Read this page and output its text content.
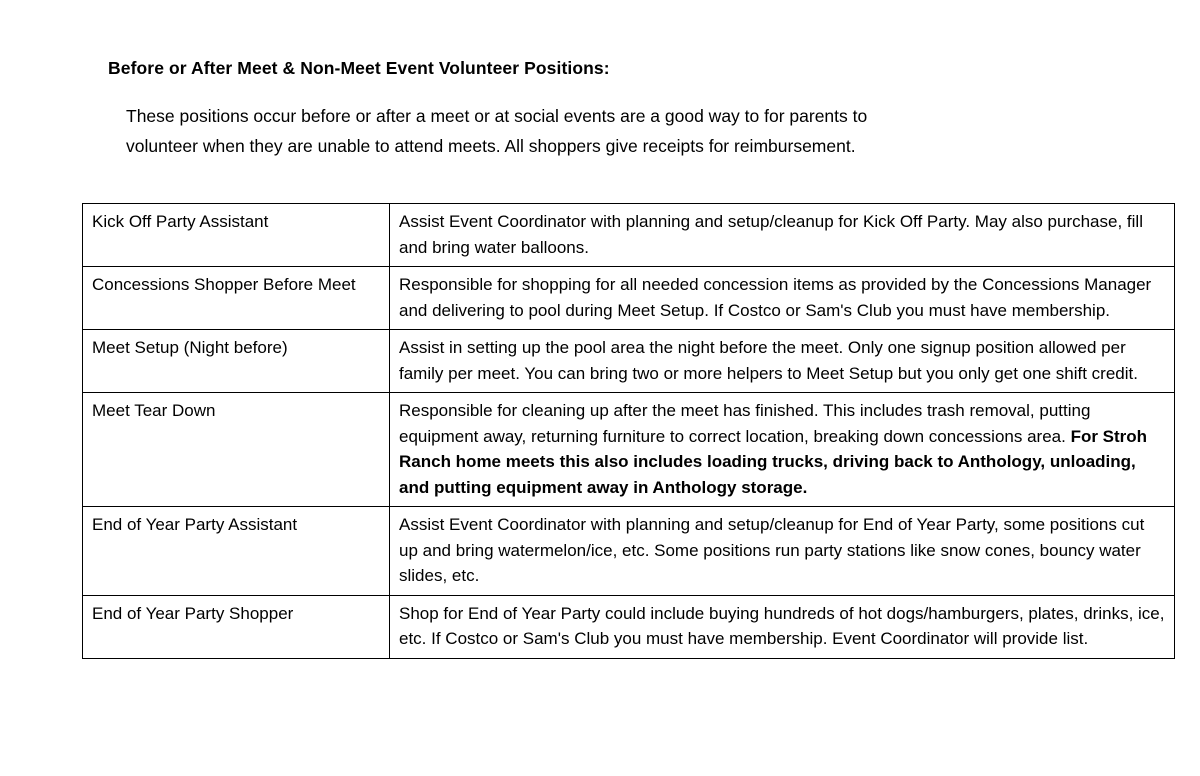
Before or After Meet & Non-Meet Event Volunteer Positions:

These positions occur before or after a meet or at social events are a good way to for parents to

volunteer when they are unable to attend meets. All shoppers give receipts for reimbursement.

Kick Off Party Assistant	Assist Event Coordinator with planning and setup/cleanup for Kick Off Party. May also purchase, fill and bring water balloons.
Concessions Shopper Before Meet	Responsible for shopping for all needed concession items as provided by the Concessions Manager and delivering to pool during Meet Setup. If Costco or Sam's Club you must have membership.
Meet Setup (Night before)	Assist in setting up the pool area the night before the meet. Only one signup position allowed per family per meet. You can bring two or more helpers to Meet Setup but you only get one shift credit.
Meet Tear Down	Responsible for cleaning up after the meet has finished. This includes trash removal, putting equipment away, returning furniture to correct location, breaking down concessions area. For Stroh Ranch home meets this also includes loading trucks, driving back to Anthology, unloading, and putting equipment away in Anthology storage.
End of Year Party Assistant	Assist Event Coordinator with planning and setup/cleanup for End of Year Party, some positions cut up and bring watermelon/ice, etc. Some positions run party stations like snow cones, bouncy water slides, etc.
End of Year Party Shopper	Shop for End of Year Party could include buying hundreds of hot dogs/hamburgers, plates, drinks, ice, etc. If Costco or Sam's Club you must have membership. Event Coordinator will provide list.
